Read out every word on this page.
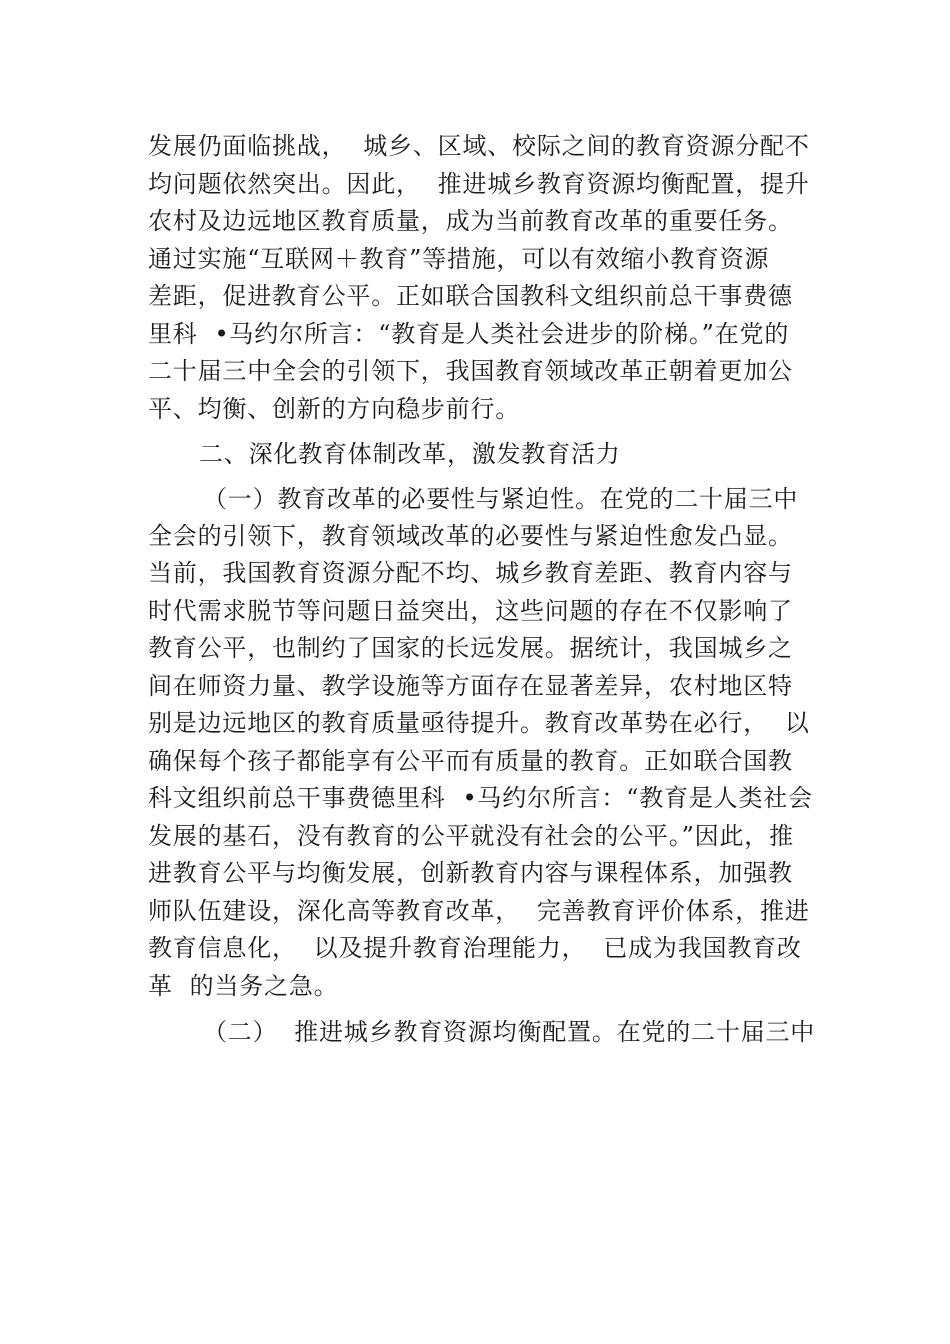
发展仍面临挑战，  城乡、区域、校际之间的教育资源分配不
均问题依然突出。因此，  推进城乡教育资源均衡配置，提升
农村及边远地区教育质量，成为当前教育改革的重要任务。
通过实施“互联网＋教育”等措施，可以有效缩小教育资源
差距，促进教育公平。正如联合国教科文组织前总干事费德
里科  •马约尔所言：“教育是人类社会进步的阶梯。”在党的
二十届三中全会的引领下，我国教育领域改革正朝着更加公
平、均衡、创新的方向稳步前行。
二、深化教育体制改革，激发教育活力
（一）教育改革的必要性与紧迫性。在党的二十届三中
全会的引领下，教育领域改革的必要性与紧迫性愈发凸显。
当前，我国教育资源分配不均、城乡教育差距、教育内容与
时代需求脱节等问题日益突出，这些问题的存在不仅影响了
教育公平，也制约了国家的长远发展。据统计，我国城乡之
间在师资力量、教学设施等方面存在显著差异，农村地区特
别是边远地区的教育质量亟待提升。教育改革势在必行，  以
确保每个孩子都能享有公平而有质量的教育。正如联合国教
科文组织前总干事费德里科  •马约尔所言：“教育是人类社会
发展的基石，没有教育的公平就没有社会的公平。”因此，推
进教育公平与均衡发展，创新教育内容与课程体系，加强教
师队伍建设，深化高等教育改革，  完善教育评价体系，推进
教育信息化，  以及提升教育治理能力，  已成为我国教育改
革  的当务之急。
（二）  推进城乡教育资源均衡配置。在党的二十届三中
